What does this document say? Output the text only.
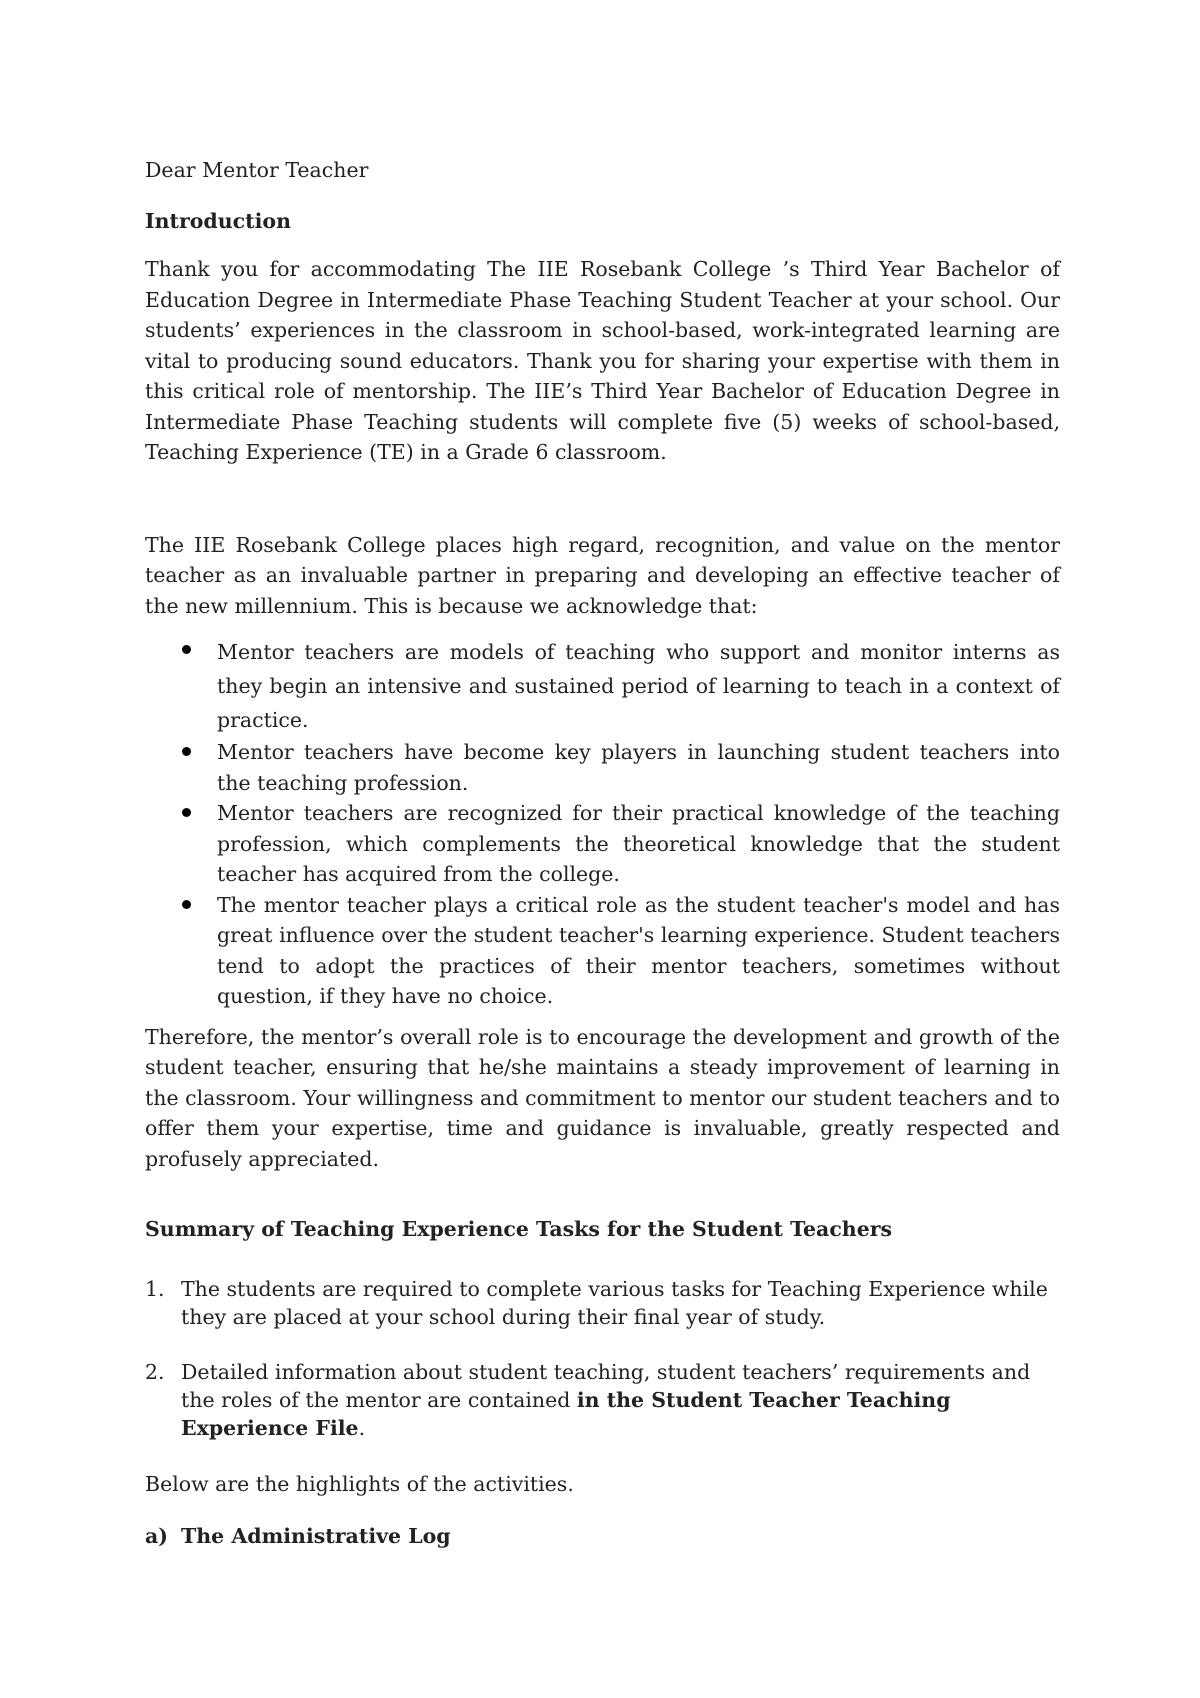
Dear Mentor Teacher

Introduction

Thank you for accommodating The IIE Rosebank College ’s Third Year Bachelor of Education Degree in Intermediate Phase Teaching Student Teacher at your school. Our students’ experiences in the classroom in school-based, work-integrated learning are vital to producing sound educators. Thank you for sharing your expertise with them in this critical role of mentorship. The IIE’s Third Year Bachelor of Education Degree in Intermediate Phase Teaching students will complete five (5) weeks of school-based, Teaching Experience (TE) in a Grade 6 classroom.

The IIE Rosebank College places high regard, recognition, and value on the mentor teacher as an invaluable partner in preparing and developing an effective teacher of the new millennium. This is because we acknowledge that:

Mentor teachers are models of teaching who support and monitor interns as they begin an intensive and sustained period of learning to teach in a context of practice.
Mentor teachers have become key players in launching student teachers into the teaching profession.
Mentor teachers are recognized for their practical knowledge of the teaching profession, which complements the theoretical knowledge that the student teacher has acquired from the college.
The mentor teacher plays a critical role as the student teacher's model and has great influence over the student teacher's learning experience. Student teachers tend to adopt the practices of their mentor teachers, sometimes without question, if they have no choice.

Therefore, the mentor’s overall role is to encourage the development and growth of the student teacher, ensuring that he/she maintains a steady improvement of learning in the classroom. Your willingness and commitment to mentor our student teachers and to offer them your expertise, time and guidance is invaluable, greatly respected and profusely appreciated.

Summary of Teaching Experience Tasks for the Student Teachers

1. The students are required to complete various tasks for Teaching Experience while they are placed at your school during their final year of study.
2. Detailed information about student teaching, student teachers’ requirements and the roles of the mentor are contained in the Student Teacher Teaching Experience File.

Below are the highlights of the activities.

a) The Administrative Log
